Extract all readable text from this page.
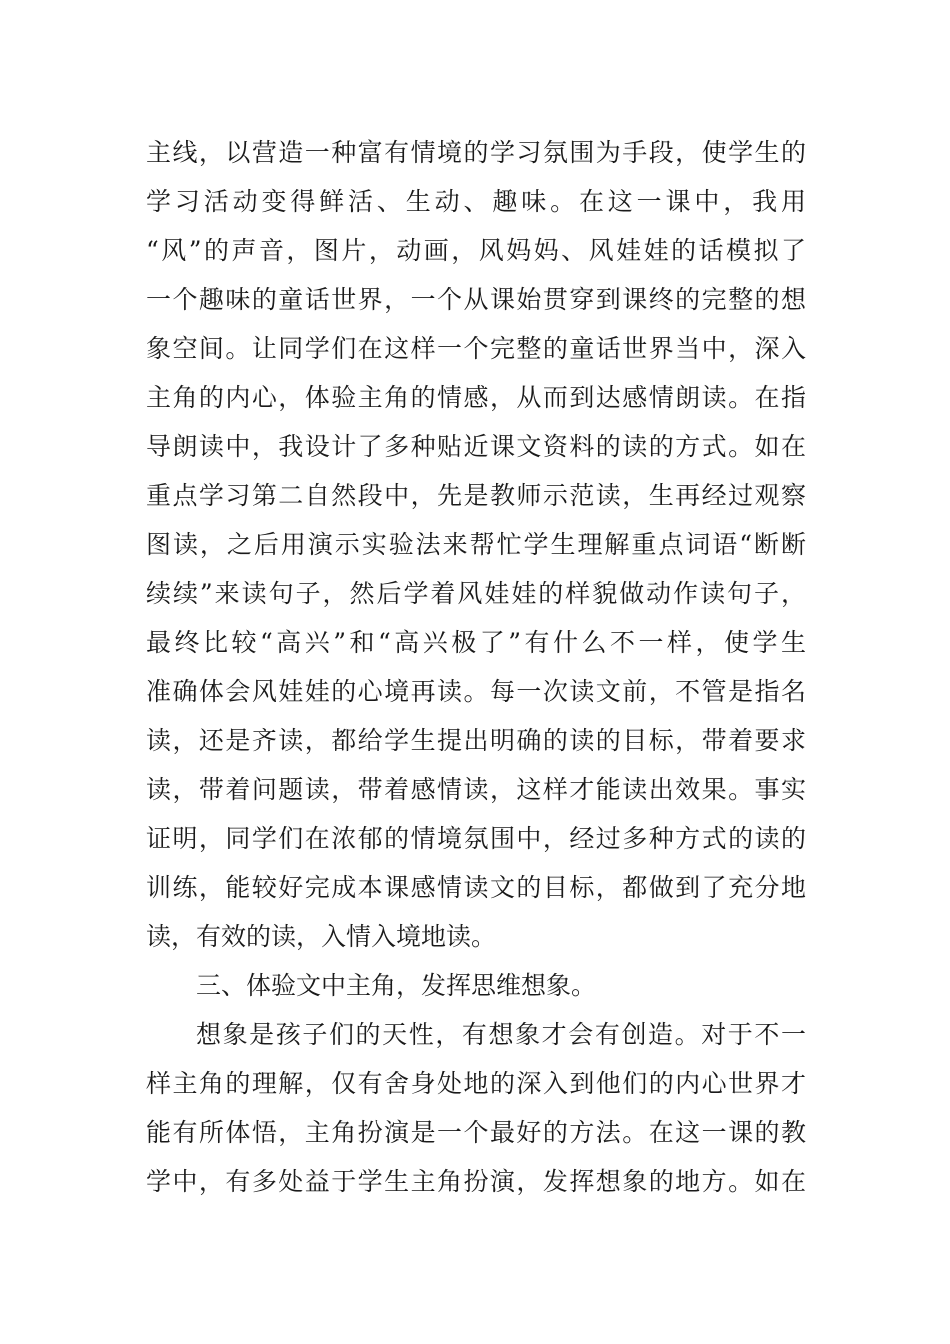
主线，以营造一种富有情境的学习氛围为手段，使学生的
学习活动变得鲜活、生动、趣味。在这一课中，我用
“风”的声音，图片，动画，风妈妈、风娃娃的话模拟了
一个趣味的童话世界，一个从课始贯穿到课终的完整的想
象空间。让同学们在这样一个完整的童话世界当中，深入
主角的内心，体验主角的情感，从而到达感情朗读。在指
导朗读中，我设计了多种贴近课文资料的读的方式。如在
重点学习第二自然段中，先是教师示范读，生再经过观察
图读，之后用演示实验法来帮忙学生理解重点词语“断断
续续”来读句子，然后学着风娃娃的样貌做动作读句子，
最终比较“高兴”和“高兴极了”有什么不一样，使学生
准确体会风娃娃的心境再读。每一次读文前，不管是指名
读，还是齐读，都给学生提出明确的读的目标，带着要求
读，带着问题读，带着感情读，这样才能读出效果。事实
证明，同学们在浓郁的情境氛围中，经过多种方式的读的
训练，能较好完成本课感情读文的目标，都做到了充分地
读，有效的读，入情入境地读。
三、体验文中主角，发挥思维想象。
想象是孩子们的天性，有想象才会有创造。对于不一
样主角的理解，仅有舍身处地的深入到他们的内心世界才
能有所体悟，主角扮演是一个最好的方法。在这一课的教
学中，有多处益于学生主角扮演，发挥想象的地方。如在
